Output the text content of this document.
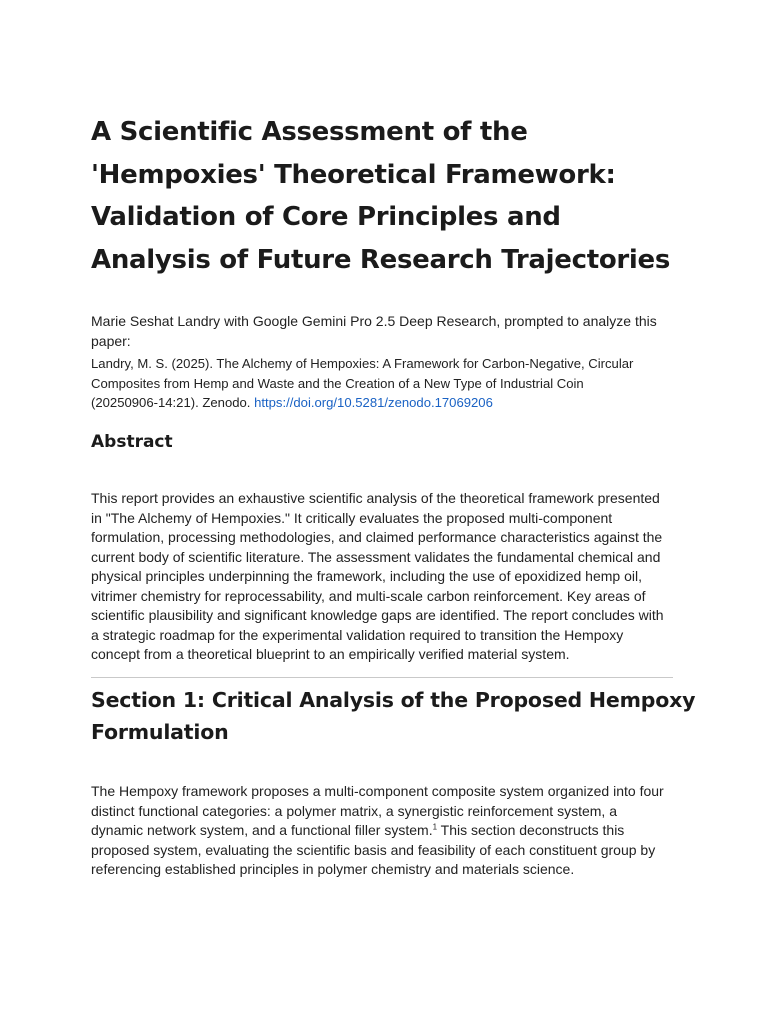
A Scientific Assessment of the
'Hempoxies' Theoretical Framework:
Validation of Core Principles and
Analysis of Future Research Trajectories

Marie Seshat Landry with Google Gemini Pro 2.5 Deep Research, prompted to analyze this paper:

Landry, M. S. (2025). The Alchemy of Hempoxies: A Framework for Carbon-Negative, Circular
Composites from Hemp and Waste and the Creation of a New Type of Industrial Coin
(20250906-14:21). Zenodo. https://doi.org/10.5281/zenodo.17069206
Abstract
This report provides an exhaustive scientific analysis of the theoretical framework presented
in "The Alchemy of Hempoxies." It critically evaluates the proposed multi-component
formulation, processing methodologies, and claimed performance characteristics against the
current body of scientific literature. The assessment validates the fundamental chemical and
physical principles underpinning the framework, including the use of epoxidized hemp oil,
vitrimer chemistry for reprocessability, and multi-scale carbon reinforcement. Key areas of
scientific plausibility and significant knowledge gaps are identified. The report concludes with
a strategic roadmap for the experimental validation required to transition the Hempoxy
concept from a theoretical blueprint to an empirically verified material system.
Section 1: Critical Analysis of the Proposed Hempoxy
Formulation
The Hempoxy framework proposes a multi-component composite system organized into four
distinct functional categories: a polymer matrix, a synergistic reinforcement system, a
dynamic network system, and a functional filler system.$^1$ This section deconstructs this
proposed system, evaluating the scientific basis and feasibility of each constituent group by
referencing established principles in polymer chemistry and materials science.
